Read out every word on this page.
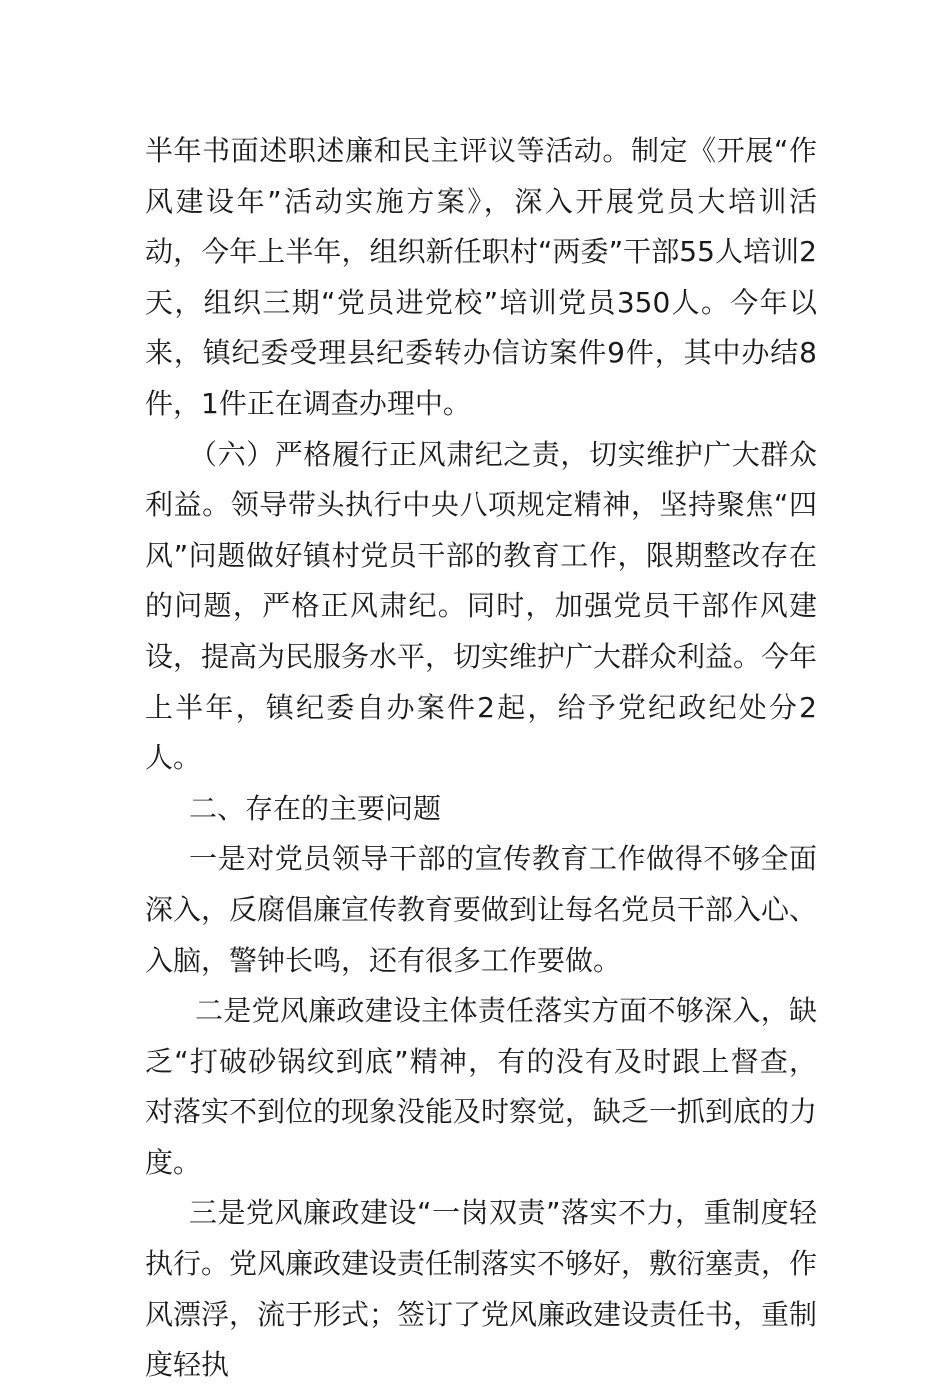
半年书面述职述廉和民主评议等活动。制定《开展“作风建设年”活动实施方案》，深入开展党员大培训活动，今年上半年，组织新任职村“两委”干部55人培训2天，组织三期“党员进党校”培训党员350人。今年以来，镇纪委受理县纪委转办信访案件9件，其中办结8件，1件正在调查办理中。

（六）严格履行正风肃纪之责，切实维护广大群众利益。领导带头执行中央八项规定精神，坚持聚焦“四风”问题做好镇村党员干部的教育工作，限期整改存在的问题，严格正风肃纪。同时，加强党员干部作风建设，提高为民服务水平，切实维护广大群众利益。今年上半年，镇纪委自办案件2起，给予党纪政纪处分2人。

二、存在的主要问题

一是对党员领导干部的宣传教育工作做得不够全面深入，反腐倡廉宣传教育要做到让每名党员干部入心、入脑，警钟长鸣，还有很多工作要做。

二是党风廉政建设主体责任落实方面不够深入，缺乏“打破砂锅纹到底”精神，有的没有及时跟上督查，对落实不到位的现象没能及时察觉，缺乏一抓到底的力度。

三是党风廉政建设“一岗双责”落实不力，重制度轻执行。党风廉政建设责任制落实不够好，敷衍塞责，作风漂浮，流于形式；签订了党风廉政建设责任书，重制度轻执
